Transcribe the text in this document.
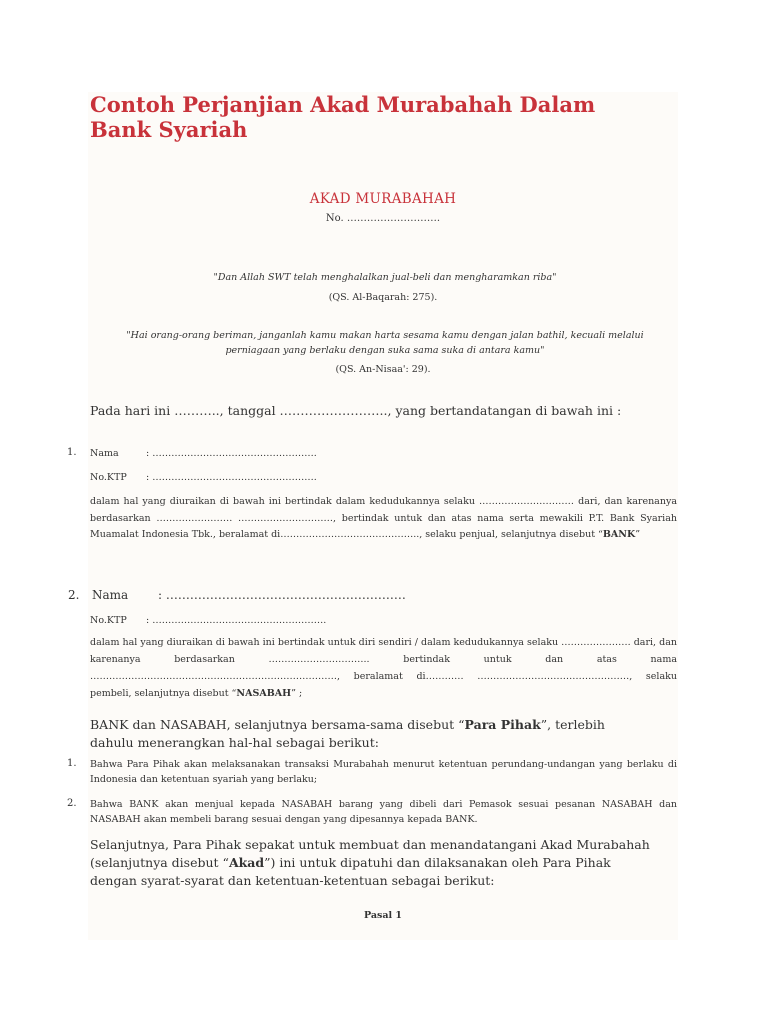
Contoh Perjanjian Akad Murabahah Dalam Bank Syariah
AKAD MURABAHAH
No. ……………………….
"Dan Allah SWT telah menghalalkan jual-beli dan mengharamkan riba"
(QS. Al-Baqarah: 275).
"Hai orang-orang beriman, janganlah kamu makan harta sesama kamu dengan jalan bathil, kecuali melalui perniagaan yang berlaku dengan suka sama suka di antara kamu"
(QS. An-Nisaa': 29).
Pada hari ini ……….., tanggal …………………….., yang bertandatangan di bawah ini :
1. Nama	: …………………………………………….
No.KTP : …………………………………………….
dalam hal yang diuraikan di bawah ini bertindak dalam kedudukannya selaku ………………………… dari, dan karenanya berdasarkan …………………… …………………………, bertindak untuk dan atas nama serta mewakili P.T. Bank Syariah Muamalat Indonesia Tbk., beralamat di…………………………………….., selaku penjual, selanjutnya disebut “BANK”
2. Nama : ……………………………………………………
No.KTP : ……………………………………………….
dalam hal yang diuraikan di bawah ini bertindak untuk diri sendiri / dalam kedudukannya selaku …………………. dari, dan karenanya berdasarkan ………………………….. bertindak untuk dan atas nama ……………………………………………………………………, beralamat di………… …………………………………………, selaku pembeli, selanjutnya disebut “NASABAH” ;
BANK dan NASABAH, selanjutnya bersama-sama disebut “Para Pihak”, terlebih dahulu menerangkan hal-hal sebagai berikut:
1. Bahwa Para Pihak akan melaksanakan transaksi Murabahah menurut ketentuan perundang-undangan yang berlaku di Indonesia dan ketentuan syariah yang berlaku;
2. Bahwa BANK akan menjual kepada NASABAH barang yang dibeli dari Pemasok sesuai pesanan NASABAH dan NASABAH akan membeli barang sesuai dengan yang dipesannya kepada BANK.
Selanjutnya, Para Pihak sepakat untuk membuat dan menandatangani Akad Murabahah (selanjutnya disebut “Akad”) ini untuk dipatuhi dan dilaksanakan oleh Para Pihak dengan syarat-syarat dan ketentuan-ketentuan sebagai berikut:
Pasal 1
